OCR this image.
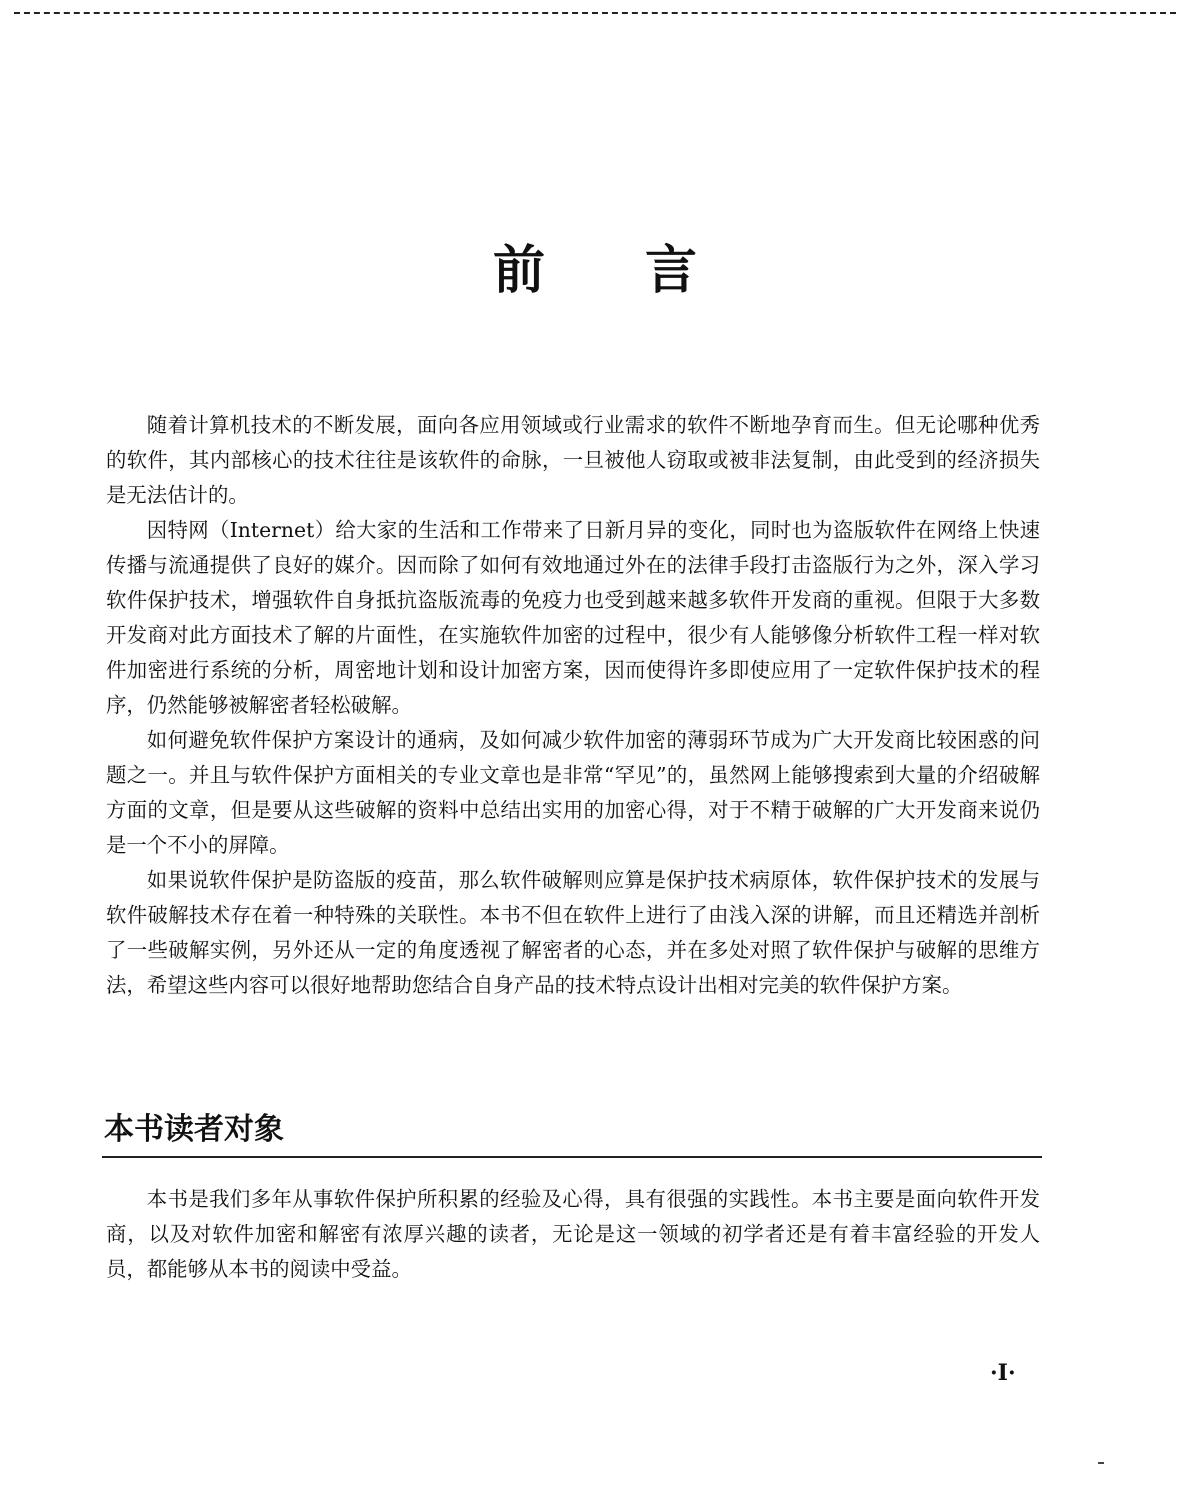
前言

随着计算机技术的不断发展，面向各应用领域或行业需求的软件不断地孕育而生。但无论哪种优秀的软件，其内部核心的技术往往是该软件的命脉，一旦被他人窃取或被非法复制，由此受到的经济损失是无法估计的。

因特网（Internet）给大家的生活和工作带来了日新月异的变化，同时也为盗版软件在网络上快速传播与流通提供了良好的媒介。因而除了如何有效地通过外在的法律手段打击盗版行为之外，深入学习软件保护技术，增强软件自身抵抗盗版流毒的免疫力也受到越来越多软件开发商的重视。但限于大多数开发商对此方面技术了解的片面性，在实施软件加密的过程中，很少有人能够像分析软件工程一样对软件加密进行系统的分析，周密地计划和设计加密方案，因而使得许多即使应用了一定软件保护技术的程序，仍然能够被解密者轻松破解。

如何避免软件保护方案设计的通病，及如何减少软件加密的薄弱环节成为广大开发商比较困惑的问题之一。并且与软件保护方面相关的专业文章也是非常“罕见”的，虽然网上能够搜索到大量的介绍破解方面的文章，但是要从这些破解的资料中总结出实用的加密心得，对于不精于破解的广大开发商来说仍是一个不小的屏障。

如果说软件保护是防盗版的疫苗，那么软件破解则应算是保护技术病原体，软件保护技术的发展与软件破解技术存在着一种特殊的关联性。本书不但在软件上进行了由浅入深的讲解，而且还精选并剖析了一些破解实例，另外还从一定的角度透视了解密者的心态，并在多处对照了软件保护与破解的思维方法，希望这些内容可以很好地帮助您结合自身产品的技术特点设计出相对完美的软件保护方案。

本书读者对象

本书是我们多年从事软件保护所积累的经验及心得，具有很强的实践性。本书主要是面向软件开发商，以及对软件加密和解密有浓厚兴趣的读者，无论是这一领域的初学者还是有着丰富经验的开发人员，都能够从本书的阅读中受益。

·I·
